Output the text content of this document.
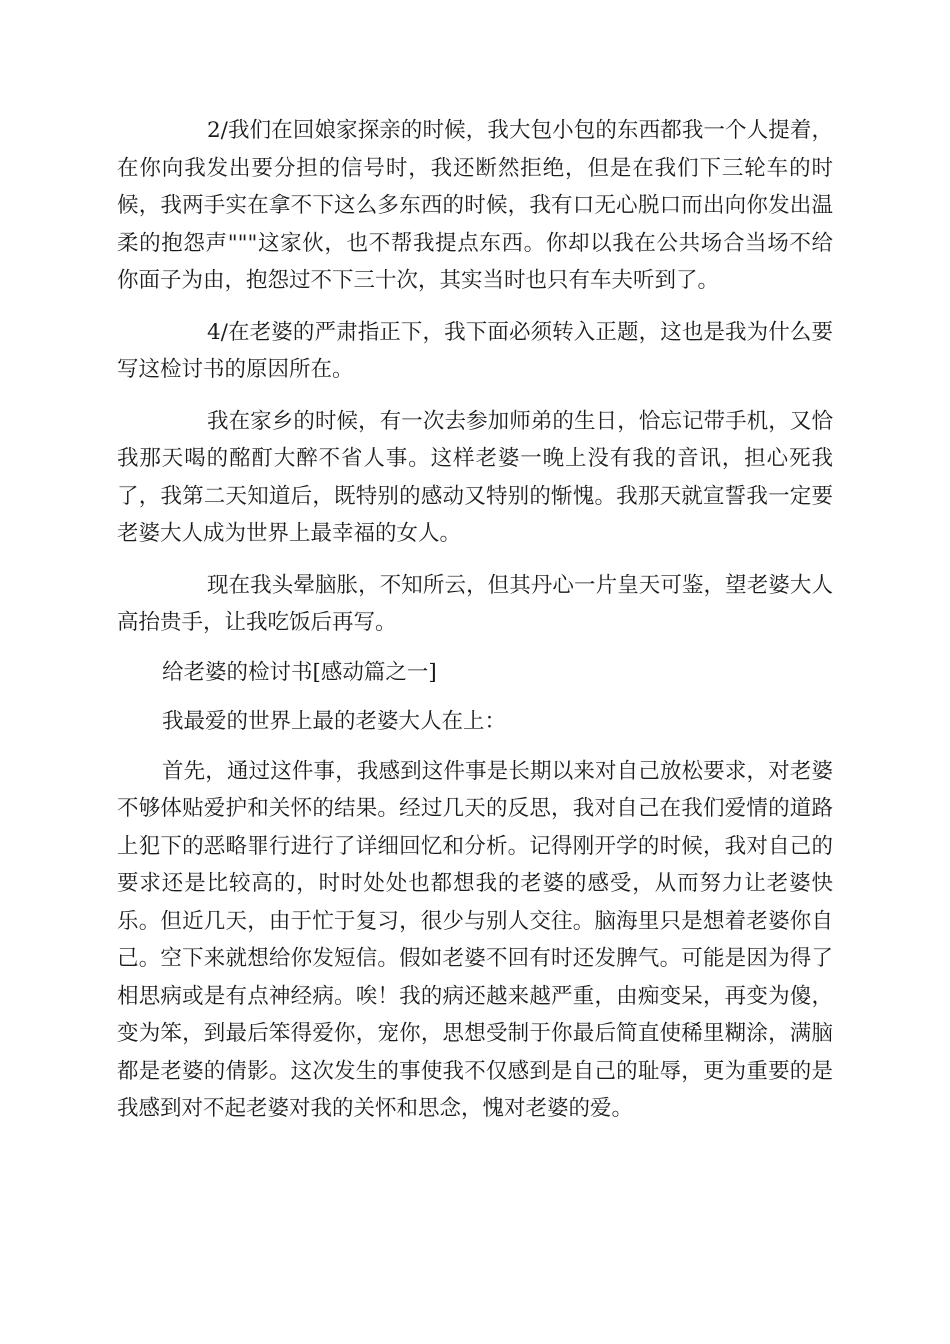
2/我们在回娘家探亲的时候，我大包小包的东西都我一个人提着，在你向我发出要分担的信号时，我还断然拒绝，但是在我们下三轮车的时候，我两手实在拿不下这么多东西的时候，我有口无心脱口而出向你发出温柔的抱怨声"""这家伙，也不帮我提点东西。你却以我在公共场合当场不给你面子为由，抱怨过不下三十次，其实当时也只有车夫听到了。

4/在老婆的严肃指正下，我下面必须转入正题，这也是我为什么要写这检讨书的原因所在。

我在家乡的时候，有一次去参加师弟的生日，恰忘记带手机，又恰我那天喝的酩酊大醉不省人事。这样老婆一晚上没有我的音讯，担心死我了，我第二天知道后，既特别的感动又特别的惭愧。我那天就宣誓我一定要老婆大人成为世界上最幸福的女人。

现在我头晕脑胀，不知所云，但其丹心一片皇天可鉴，望老婆大人高抬贵手，让我吃饭后再写。

给老婆的检讨书[感动篇之一]

我最爱的世界上最的老婆大人在上：

首先，通过这件事，我感到这件事是长期以来对自己放松要求，对老婆不够体贴爱护和关怀的结果。经过几天的反思，我对自己在我们爱情的道路上犯下的恶略罪行进行了详细回忆和分析。记得刚开学的时候，我对自己的要求还是比较高的，时时处处也都想我的老婆的感受，从而努力让老婆快乐。但近几天，由于忙于复习，很少与别人交往。脑海里只是想着老婆你自己。空下来就想给你发短信。假如老婆不回有时还发脾气。可能是因为得了相思病或是有点神经病。唉！我的病还越来越严重，由痴变呆，再变为傻，变为笨，到最后笨得爱你，宠你，思想受制于你最后简直使稀里糊涂，满脑都是老婆的倩影。这次发生的事使我不仅感到是自己的耻辱，更为重要的是我感到对不起老婆对我的关怀和思念，愧对老婆的爱。
